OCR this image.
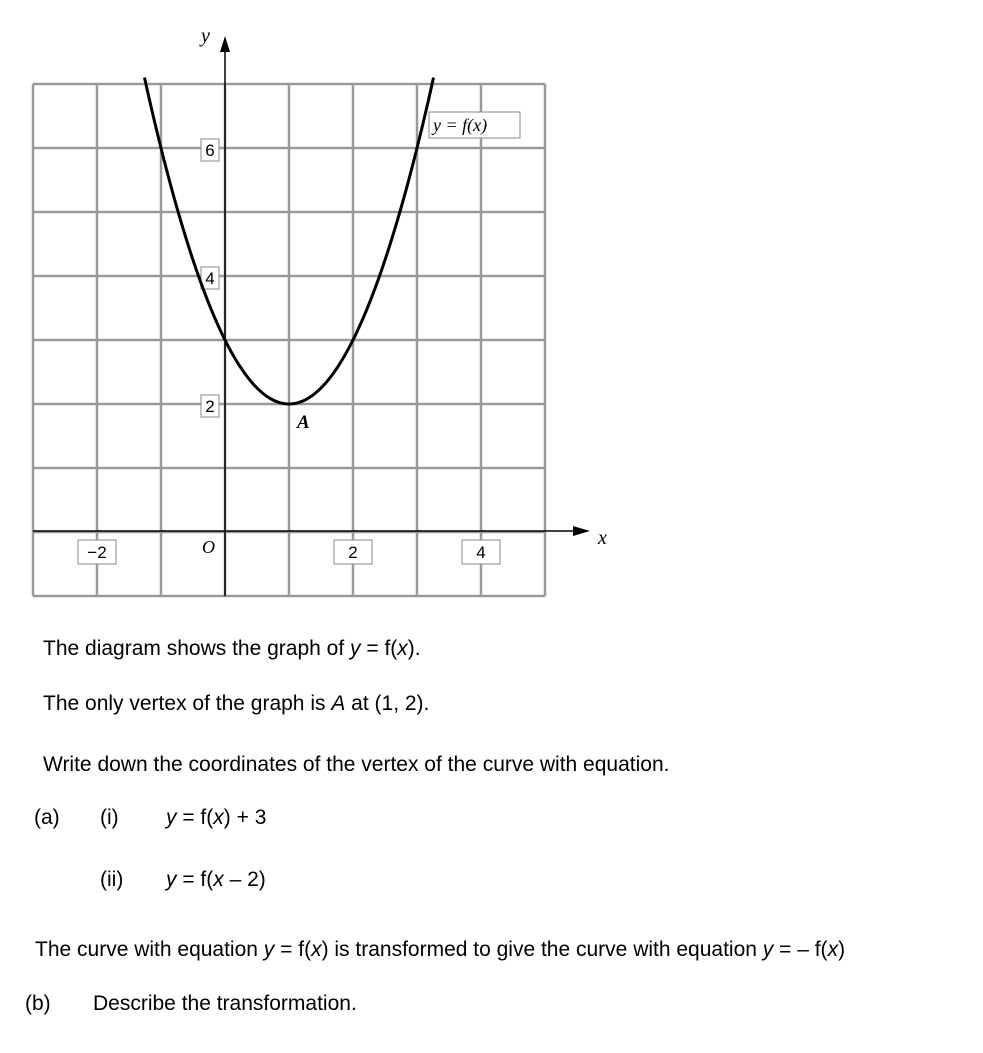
−2	2	4
2
4
6
x
y
O
y = f(x)
A
The diagram shows the graph of y = f(x).
The only vertex of the graph is A at (1, 2).
Write down the coordinates of the vertex of the curve with equation.
(a) (i) y = f(x) + 3
(ii) y = f(x – 2)
The curve with equation y = f(x) is transformed to give the curve with equation y = – f(x)
(b) Describe the transformation.
